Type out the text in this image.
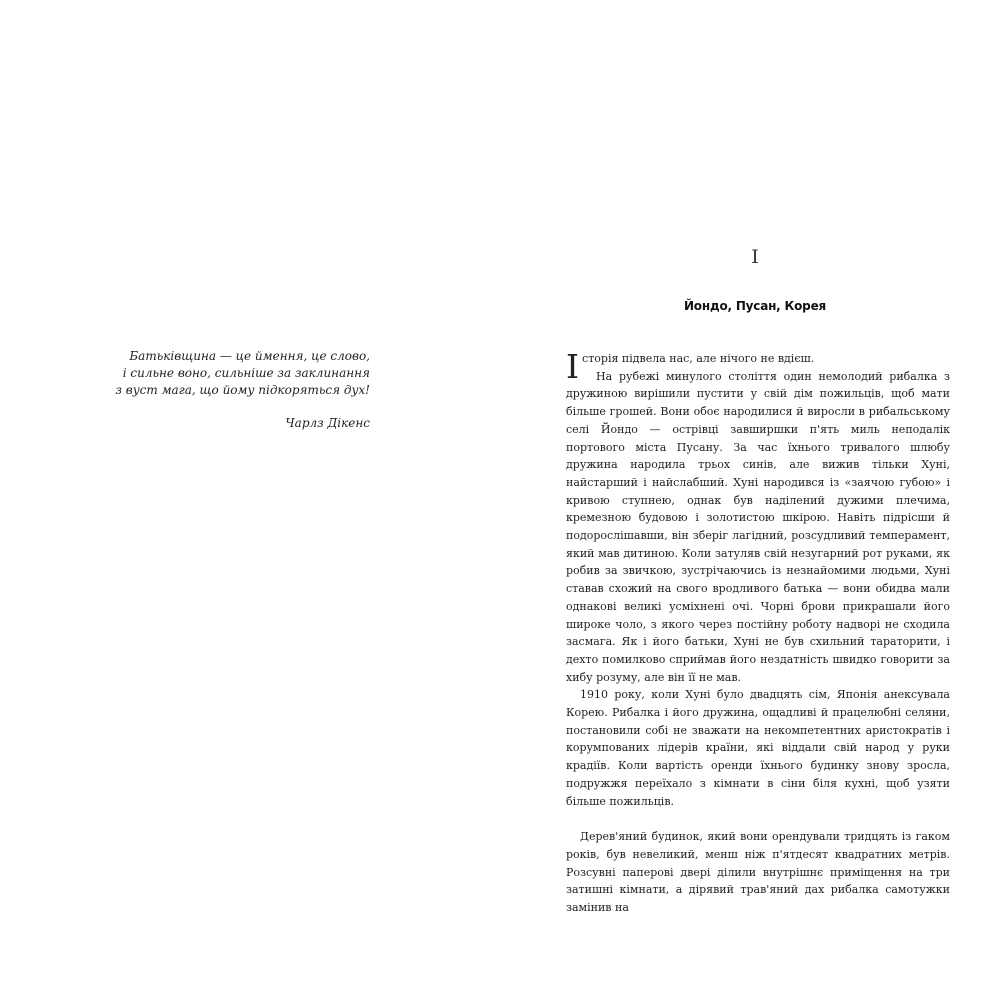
Батьківщина — це ймення, це слово,
і сильне воно, сильніше за заклинання
з вуст мага, що йому підкоряться дух!
Чарлз Дікенс
I
Йондо, Пусан, Корея

Історія підвела нас, але нічого не вдієш.

На рубежі минулого століття один немолодий рибалка з дружиною вирішили пустити у свій дім пожильців, щоб мати більше грошей. Вони обоє народилися й виросли в рибальському селі Йондо — острівці завширшки п'ять миль неподалік портового міста Пусану. За час їхнього тривалого шлюбу дружина народила трьох синів, але вижив тільки Хуні, найстарший і найслабший. Хуні народився із «заячою губою» і кривою ступнею, однак був наділений дужими плечима, кремезною будовою і золотистою шкірою. Навіть підрісши й подорослішавши, він зберіг лагідний, розсудливий темперамент, який мав дитиною. Коли затуляв свій незугарний рот руками, як робив за звичкою, зустрічаючись із незнайомими людьми, Хуні ставав схожий на свого вродливого батька — вони обидва мали однакові великі усміхнені очі. Чорні брови прикрашали його широке чоло, з якого через постійну роботу надворі не сходила засмага. Як і його батьки, Хуні не був схильний тараторити, і дехто помилково сприймав його нездатність швидко говорити за хибу розуму, але він її не мав.

1910 року, коли Хуні було двадцять сім, Японія анексувала Корею. Рибалка і його дружина, ощадливі й працелюбні селяни, постановили собі не зважати на некомпетентних аристократів і корумпованих лідерів країни, які віддали свій народ у руки крадіїв. Коли вартість оренди їхнього будинку знову зросла, подружжя переїхало з кімнати в сіни біля кухні, щоб узяти більше пожильців.

Дерев'яний будинок, який вони орендували тридцять із гаком років, був невеликий, менш ніж п'ятдесят квадратних метрів. Розсувні паперові двері ділили внутрішнє приміщення на три затишні кімнати, а дірявий трав'яний дах рибалка самотужки замінив на
